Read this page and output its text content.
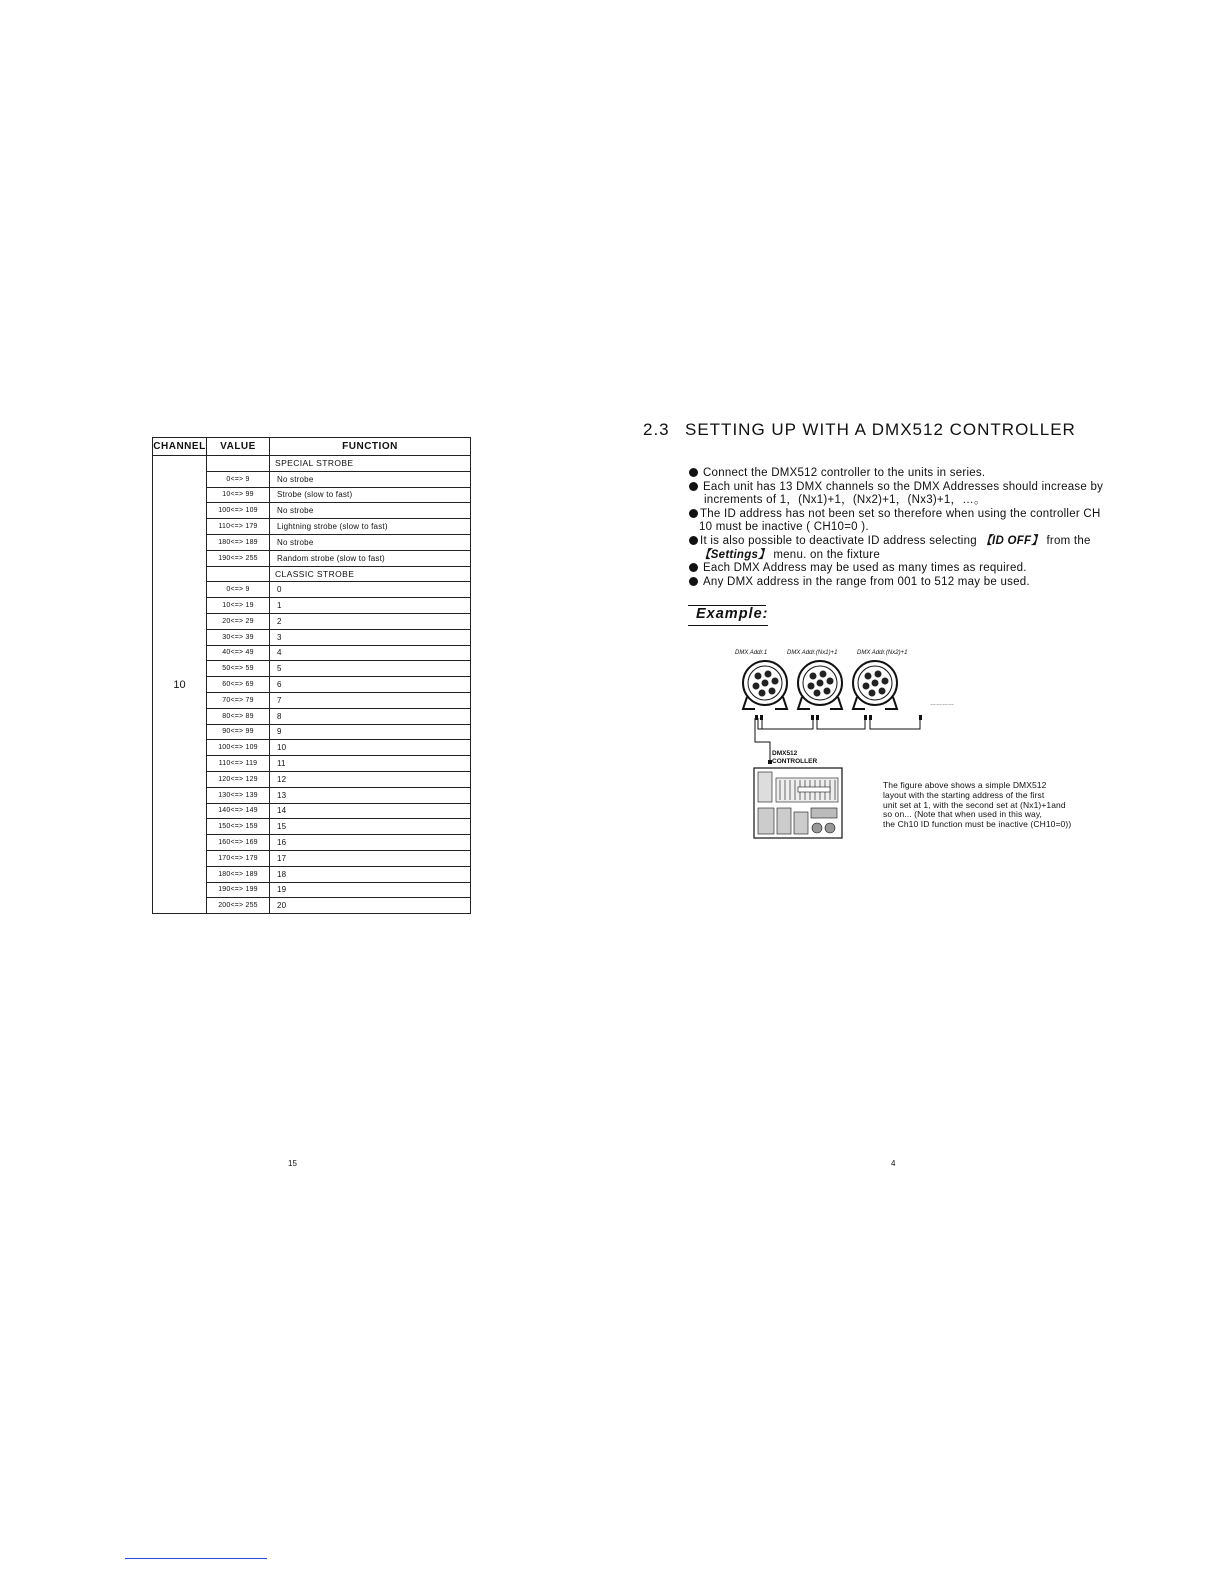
CHANNEL	VALUE	FUNCTION
10		SPECIAL STROBE
	0<=> 9	No strobe
	10<=> 99	Strobe (slow to fast)
	100<=> 109	No strobe
	110<=> 179	Lightning strobe (slow to fast)
	180<=> 189	No strobe
	190<=> 255	Random strobe (slow to fast)
		CLASSIC STROBE
	0<=> 9	0
	10<=> 19	1
	20<=> 29	2
	30<=> 39	3
	40<=> 49	4
	50<=> 59	5
	60<=> 69	6
	70<=> 79	7
	80<=> 89	8
	90<=> 99	9
	100<=> 109	10
	110<=> 119	11
	120<=> 129	12
	130<=> 139	13
	140<=> 149	14
	150<=> 159	15
	160<=> 169	16
	170<=> 179	17
	180<=> 189	18
	190<=> 199	19
	200<=> 255	20
15
2.3 SETTING UP WITH A DMX512 CONTROLLER
Connect the DMX512 controller to the units in series.
Each unit has 13 DMX channels so the DMX Addresses should increase by
increments of 1，(Nx1)+1，(Nx2)+1，(Nx3)+1，…。
The ID address has not been set so therefore when using the controller CH
10 must be inactive ( CH10=0 ).
It is also possible to deactivate ID address selecting 【ID OFF】 from the
【Settings】 menu. on the fixture
Each DMX Address may be used as many times as required.
Any DMX address in the range from 001 to 512 may be used.
Example:
DMX Addr.1	DMX Addr.(Nx1)+1	DMX Addr.(Nx2)+1
…………
DMX512
CONTROLLER
The figure above shows a simple DMX512
layout with the starting address of the first
unit set at 1, with the second set at (Nx1)+1and
so on... (Note that when used in this way,
the Ch10 ID function must be inactive (CH10=0))
4
